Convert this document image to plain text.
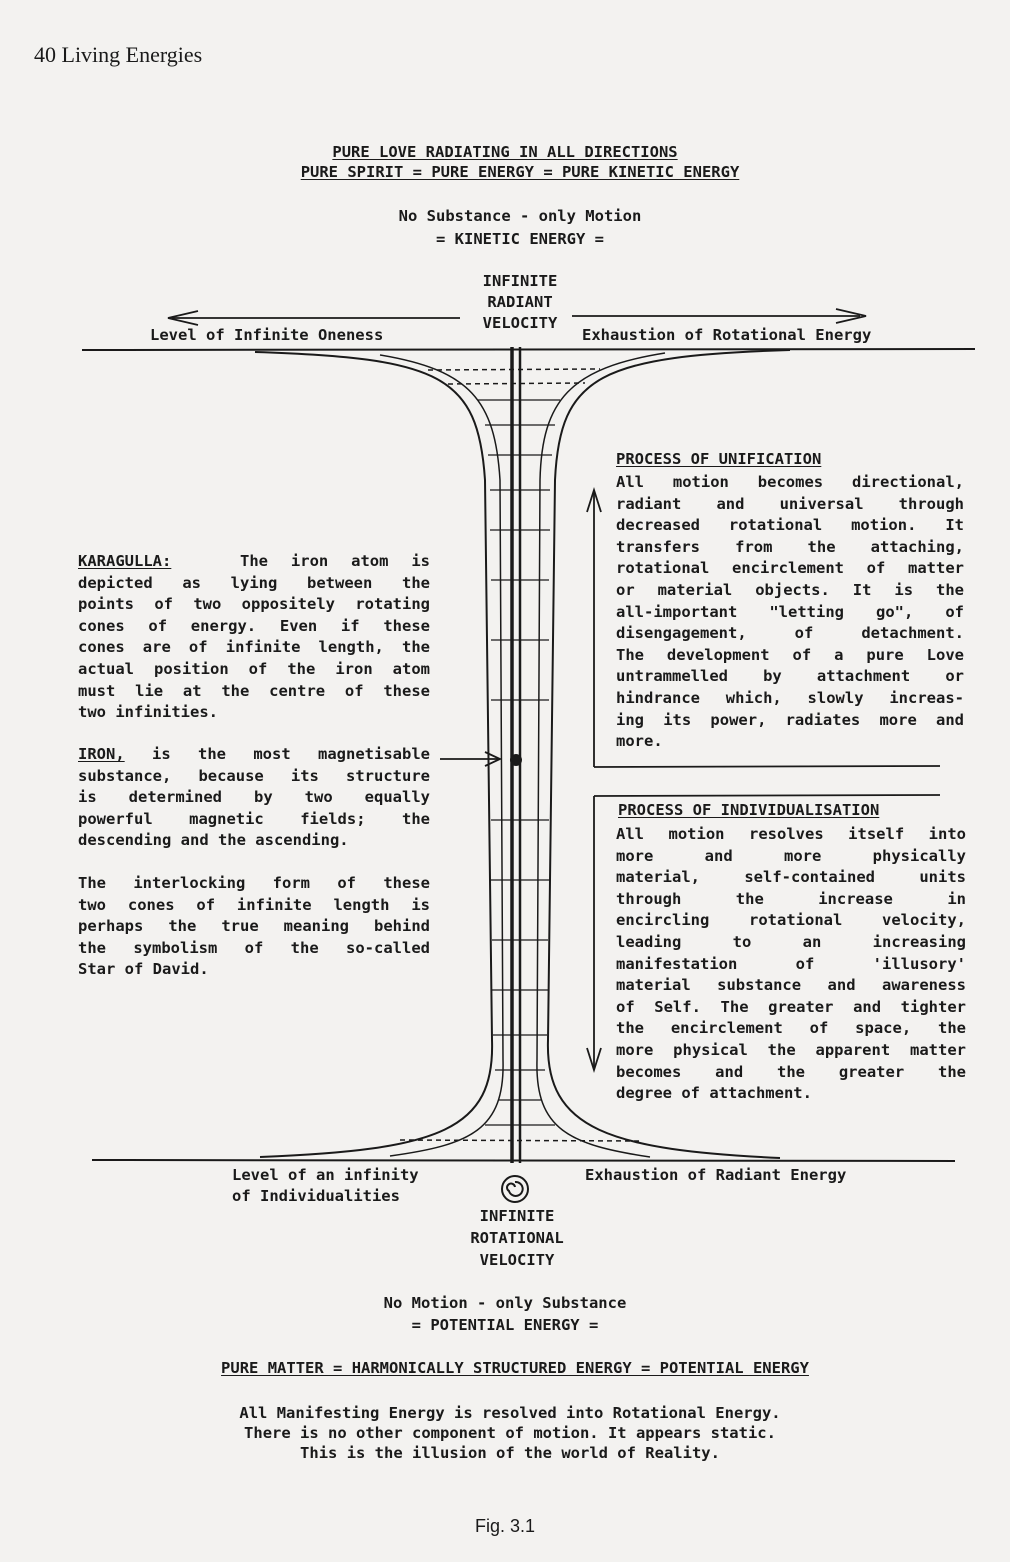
40 Living Energies
PURE LOVE RADIATING IN ALL DIRECTIONS
PURE SPIRIT = PURE ENERGY = PURE KINETIC ENERGY
No Substance - only Motion
= KINETIC ENERGY =
INFINITE
RADIANT
VELOCITY
Level of Infinite Oneness	Exhaustion of Rotational Energy
PROCESS OF UNIFICATION
All motion becomes directional,
radiant and universal through
decreased rotational motion. It
transfers from the attaching,
rotational encirclement of matter
or material objects. It is the
all-important "letting go", of
disengagement, of detachment.
The development of a pure Love
untrammelled by attachment or
hindrance which, slowly increas-
ing its power, radiates more and
more.
PROCESS OF INDIVIDUALISATION
All motion resolves itself into
more and more physically
material, self-contained units
through the increase in
encircling rotational velocity,
leading to an increasing
manifestation of 'illusory'
material substance and awareness
of Self. The greater and tighter
the encirclement of space, the
more physical the apparent matter
becomes and the greater the
degree of attachment.
KARAGULLA:	The iron atom is
depicted as lying between the
points of two oppositely rotating
cones of energy. Even if these
cones are of infinite length, the
actual position of the iron atom
must lie at the centre of these
two infinities.
IRON, is the most magnetisable
substance, because its structure
is determined by two equally
powerful magnetic fields; the
descending and the ascending.
The interlocking form of these
two cones of infinite length is
perhaps the true meaning behind
the symbolism of the so-called
Star of David.
Level of an infinity
of Individualities
Exhaustion of Radiant Energy
INFINITE
ROTATIONAL
VELOCITY
No Motion - only Substance
= POTENTIAL ENERGY =
PURE MATTER = HARMONICALLY STRUCTURED ENERGY = POTENTIAL ENERGY
All Manifesting Energy is resolved into Rotational Energy.
There is no other component of motion. It appears static.
This is the illusion of the world of Reality.
Fig. 3.1
